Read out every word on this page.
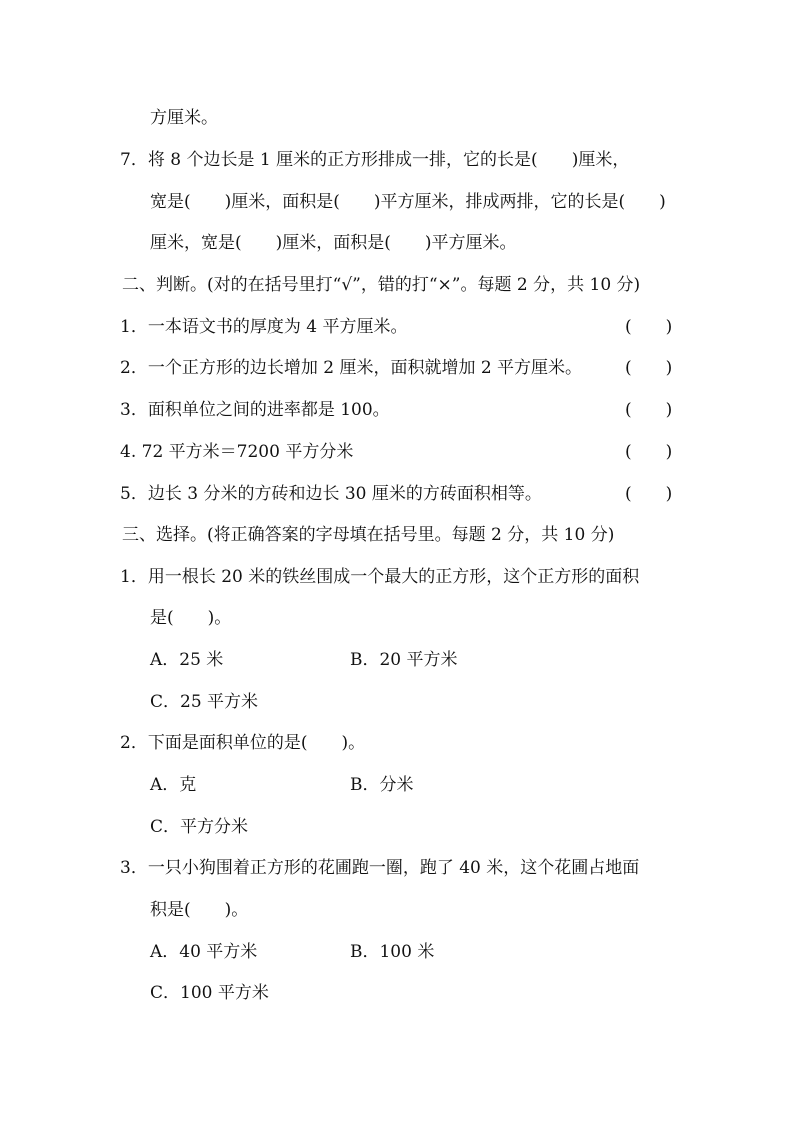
方厘米。
7．将 8 个边长是 1 厘米的正方形排成一排，它的长是(　　)厘米，
宽是(　　)厘米，面积是(　　)平方厘米，排成两排，它的长是(　　)
厘米，宽是(　　)厘米，面积是(　　)平方厘米。
二、判断。(对的在括号里打“√”，错的打“×”。每题 2 分，共 10 分)
1．一本语文书的厚度为 4 平方厘米。	(　　)
2．一个正方形的边长增加 2 厘米，面积就增加 2 平方厘米。	(　　)
3．面积单位之间的进率都是 100。	(　　)
4. 72 平方米＝7200 平方分米	(　　)
5．边长 3 分米的方砖和边长 30 厘米的方砖面积相等。	(　　)
三、选择。(将正确答案的字母填在括号里。每题 2 分，共 10 分)
1．用一根长 20 米的铁丝围成一个最大的正方形，这个正方形的面积
是(　　)。
A．25 米	B．20 平方米
C．25 平方米
2．下面是面积单位的是(　　)。
A．克	B．分米
C．平方分米
3．一只小狗围着正方形的花圃跑一圈，跑了 40 米，这个花圃占地面
积是(　　)。
A．40 平方米	B．100 米
C．100 平方米
